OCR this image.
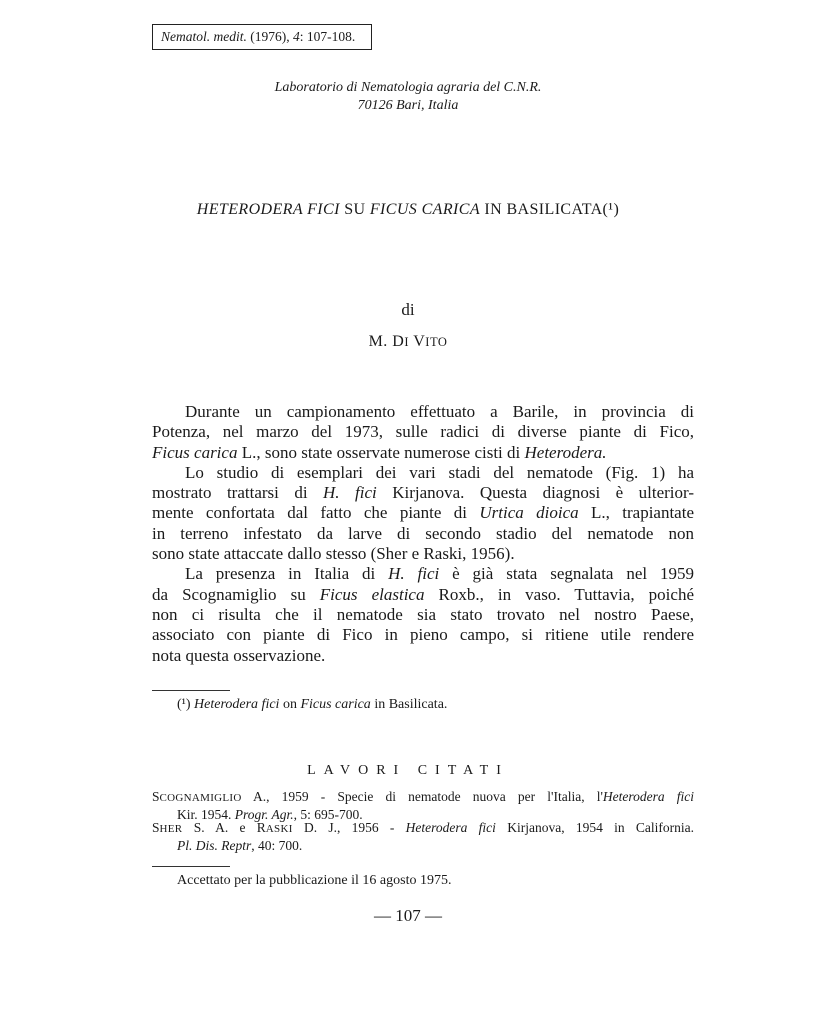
Nematol. medit. (1976), 4: 107-108.
Laboratorio di Nematologia agraria del C.N.R.
70126 Bari, Italia
HETERODERA FICI SU FICUS CARICA IN BASILICATA(¹)
di
M. DI VITO
Durante un campionamento effettuato a Barile, in provincia di
Potenza, nel marzo del 1973, sulle radici di diverse piante di Fico,
Ficus carica L., sono state osservate numerose cisti di Heterodera.
Lo studio di esemplari dei vari stadi del nematode (Fig. 1) ha
mostrato trattarsi di H. fici Kirjanova. Questa diagnosi è ulterior-
mente confortata dal fatto che piante di Urtica dioica L., trapiantate
in terreno infestato da larve di secondo stadio del nematode non
sono state attaccate dallo stesso (Sher e Raski, 1956).
La presenza in Italia di H. fici è già stata segnalata nel 1959
da Scognamiglio su Ficus elastica Roxb., in vaso. Tuttavia, poiché
non ci risulta che il nematode sia stato trovato nel nostro Paese,
associato con piante di Fico in pieno campo, si ritiene utile rendere
nota questa osservazione.
(¹) Heterodera fici on Ficus carica in Basilicata.
LAVORI CITATI
SCOGNAMIGLIO A., 1959 - Specie di nematode nuova per l'Italia, l'Heterodera fici
Kir. 1954. Progr. Agr., 5: 695-700.
SHER S. A. e RASKI D. J., 1956 - Heterodera fici Kirjanova, 1954 in California.
Pl. Dis. Reptr, 40: 700.
Accettato per la pubblicazione il 16 agosto 1975.
— 107 —
